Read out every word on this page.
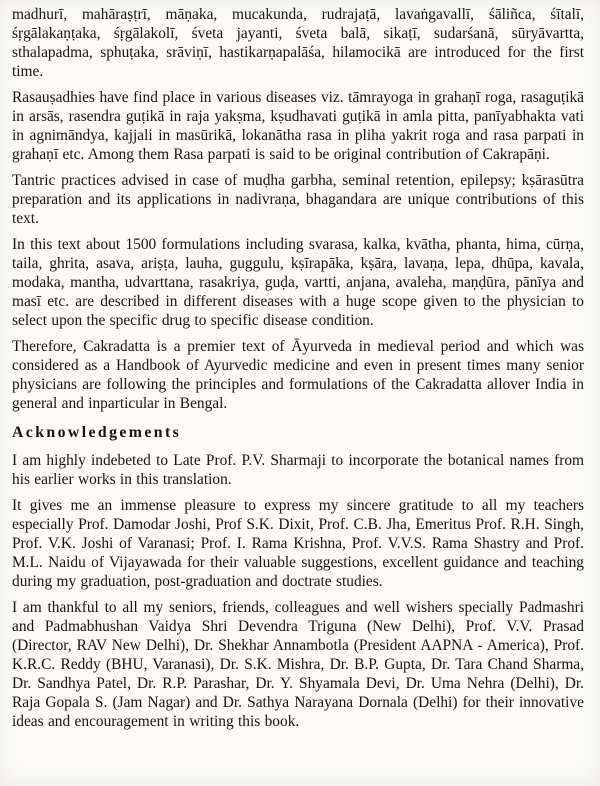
madhurī, mahāraṣṭrī, māṇaka, mucakunda, rudrajaṭā, lavaṅgavallī, śāliñca, śītalī, śṛgālakaṇṭaka, śṛgālakolī, śveta jayanti, śveta balā, sikaṭī, sudarśanā, sūryāvartta, sthalapadma, sphuṭaka, srāviṇī, hastikarṇapalāśa, hilamocikā are introduced for the first time.

Rasauṣadhies have find place in various diseases viz. tāmrayoga in grahaṇī roga, rasaguṭikā in arsās, rasendra guṭikā in raja yakṣma, kṣudhavati guṭikā in amla pitta, panīyabhakta vati in agnimāndya, kajjali in masūrikā, lokanātha rasa in pliha yakrit roga and rasa parpati in grahaṇī etc. Among them Rasa parpati is said to be original contribution of Cakrapāṇi.

Tantric practices advised in case of muḍha garbha, seminal retention, epilepsy; kṣārasūtra preparation and its applications in nadivraṇa, bhagandara are unique contributions of this text.

In this text about 1500 formulations including svarasa, kalka, kvātha, phanta, hima, cūrṇa, taila, ghrita, asava, ariṣṭa, lauha, guggulu, kṣīrapāka, kṣāra, lavaṇa, lepa, dhūpa, kavala, modaka, mantha, udvarttana, rasakriya, guḍa, vartti, anjana, avaleha, maṇḍūra, pānīya and masī etc. are described in different diseases with a huge scope given to the physician to select upon the specific drug to specific disease condition.

Therefore, Cakradatta is a premier text of Āyurveda in medieval period and which was considered as a Handbook of Ayurvedic medicine and even in present times many senior physicians are following the principles and formulations of the Cakradatta allover India in general and inparticular in Bengal.

Acknowledgements

I am highly indebeted to Late Prof. P.V. Sharmaji to incorporate the botanical names from his earlier works in this translation.

It gives me an immense pleasure to express my sincere gratitude to all my teachers especially Prof. Damodar Joshi, Prof S.K. Dixit, Prof. C.B. Jha, Emeritus Prof. R.H. Singh, Prof. V.K. Joshi of Varanasi; Prof. I. Rama Krishna, Prof. V.V.S. Rama Shastry and Prof. M.L. Naidu of Vijayawada for their valuable suggestions, excellent guidance and teaching during my graduation, post-graduation and doctrate studies.

I am thankful to all my seniors, friends, colleagues and well wishers specially Padmashri and Padmabhushan Vaidya Shri Devendra Triguna (New Delhi), Prof. V.V. Prasad (Director, RAV New Delhi), Dr. Shekhar Annambotla (President AAPNA - America), Prof. K.R.C. Reddy (BHU, Varanasi), Dr. S.K. Mishra, Dr. B.P. Gupta, Dr. Tara Chand Sharma, Dr. Sandhya Patel, Dr. R.P. Parashar, Dr. Y. Shyamala Devi, Dr. Uma Nehra (Delhi), Dr. Raja Gopala S. (Jam Nagar) and Dr. Sathya Narayana Dornala (Delhi) for their innovative ideas and encouragement in writing this book.
